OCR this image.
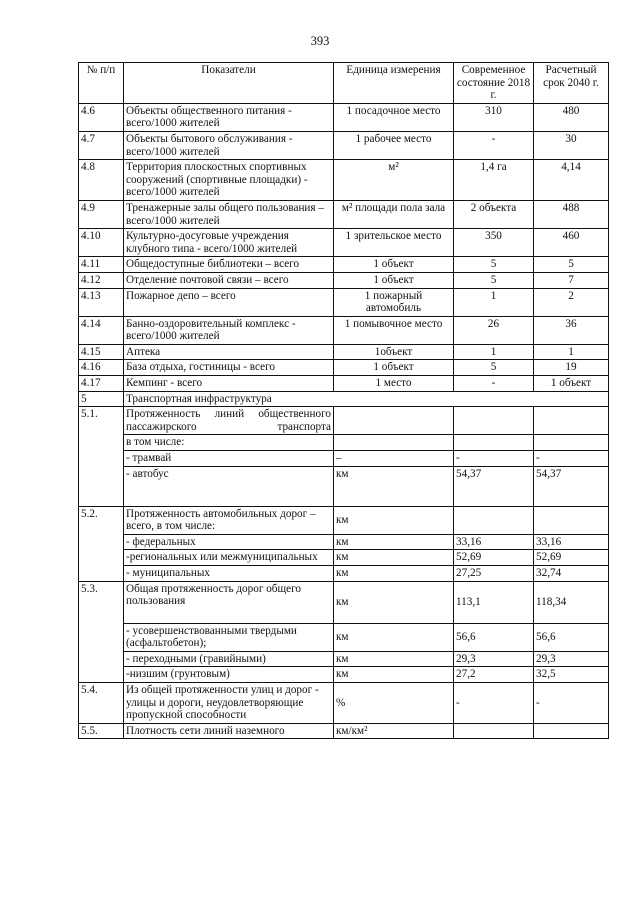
393
№ п/п	Показатели	Единица измерения	Современное состояние 2018 г.	Расчетный срок 2040 г.
4.6	Объекты общественного питания - всего/1000 жителей	1 посадочное место	310	480
4.7	Объекты бытового обслуживания - всего/1000 жителей	1 рабочее место	-	30
4.8	Территория плоскостных спортивных сооружений (спортивные площадки) - всего/1000 жителей	м²	1,4 га	4,14
4.9	Тренажерные залы общего пользования – всего/1000 жителей	м² площади пола зала	2 объекта	488
4.10	Культурно-досуговые учреждения клубного типа - всего/1000 жителей	1 зрительское место	350	460
4.11	Общедоступные библиотеки – всего	1 объект	5	5
4.12	Отделение почтовой связи – всего	1 объект	5	7
4.13	Пожарное депо – всего	1 пожарный автомобиль	1	2
4.14	Банно-оздоровительный комплекс - всего/1000 жителей	1 помывочное место	26	36
4.15	Аптека	1объект	1	1
4.16	База отдыха, гостиницы - всего	1 объект	5	19
4.17	Кемпинг - всего	1 место	-	1 объект
5	Транспортная инфраструктура			
5.1.	Протяженность линий общественного пассажирского транспорта			
	в том числе:			
	- трамвай	–	-	-
	- автобус	км	54,37	54,37
5.2.	Протяженность автомобильных дорог – всего, в том числе:	км		
	- федеральных	км	33,16	33,16
	-региональных или межмуниципальных	км	52,69	52,69
	- муниципальных	км	27,25	32,74
5.3.	Общая протяженность дорог общего пользования	км	113,1	118,34
	- усовершенствованными твердыми (асфальтобетон);	км	56,6	56,6
	- переходными (гравийными)	км	29,3	29,3
	-низшим (грунтовым)	км	27,2	32,5
5.4.	Из общей протяженности улиц и дорог - улицы и дороги, неудовлетворяющие пропускной способности	%	-	-
5.5.	Плотность сети линий наземного	км/км²		
